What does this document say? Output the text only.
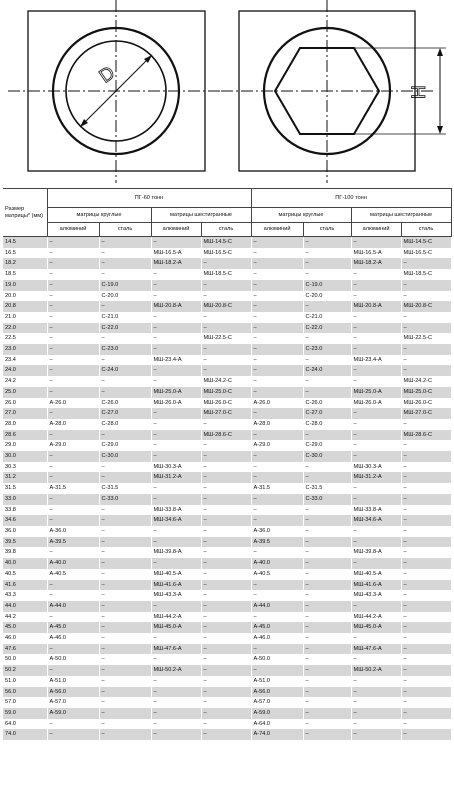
D
H
Размер матрицы* (мм)	ПГ-60 тонн				ПГ-100 тонн			
	матрицы круглые		матрицы шестигранные		матрицы круглые		матрицы шестигранные	
	алюминий	сталь	алюминий	сталь	алюминий	сталь	алюминий	сталь
14.5	–	–	–	МШ-14.5-С	–	–	–	МШ-14.5-С
16.5	–	–	МШ-16.5-А	МШ-16.5-С	–	–	МШ-16.5-А	МШ-16.5-С
18.2	–	–	МШ-18.2-А	–	–	–	МШ-18.2-А	–
18.5	–	–	–	МШ-18.5-С	–	–	–	МШ-18.5-С
19.0	–	С-19.0	–	–	–	С-19.0	–	–
20.0	–	С-20.0	–	–	–	С-20.0	–	–
20.8	–	–	МШ-20.8-А	МШ-20.8-С	–	–	МШ-20.8-А	МШ-20.8-С
21.0	–	С-21.0	–	–	–	С-21.0	–	–
22.0	–	С-22.0	–	–	–	С-22.0	–	–
22.5	–	–	–	МШ-22.5-С	–	–	–	МШ-22.5-С
23.0	–	С-23.0	–	–	–	С-23.0	–	–
23.4	–	–	МШ-23.4-А	–	–	–	МШ-23.4-А	–
24.0	–	С-24.0	–	–	–	С-24.0	–	–
24.2	–	–	–	МШ-24.2-С	–	–	–	МШ-24.2-С
25.0	–	–	МШ-25.0-А	МШ-25.0-С	–	–	МШ-25.0-А	МШ-25.0-С
26.0	А-26.0	С-26.0	МШ-26.0-А	МШ-26.0-С	А-26.0	С-26.0	МШ-26.0-А	МШ-26.0-С
27.0	–	С-27.0	–	МШ-27.0-С	–	С-27.0	–	МШ-27.0-С
28.0	А-28.0	С-28.0	–	–	А-28.0	С-28.0	–	–
28.6	–	–	–	МШ-28.6-С	–	–	–	МШ-28.6-С
29.0	А-29.0	С-29.0	–	–	А-29.0	С-29.0	–	–
30.0	–	С-30.0	–	–	–	С-30.0	–	–
30.3	–	–	МШ-30.3-А	–	–	–	МШ-30.3-А	–
31.2	–	–	МШ-31.2-А	–	–	–	МШ-31.2-А	–
31.5	А-31.5	С-31.5	–	–	А-31.5	С-31.5	–	–
33.0	–	С-33.0	–	–	–	С-33.0	–	–
33.8	–	–	МШ-33.8-А	–	–	–	МШ-33.8-А	–
34.6	–	–	МШ-34.6-А	–	–	–	МШ-34.6-А	–
36.0	А-36.0	–	–	–	А-36.0	–	–	–
39.5	А-39.5	–	–	–	А-39.5	–	–	–
39.8	–	–	МШ-39.8-А	–	–	–	МШ-39.8-А	–
40.0	А-40.0	–	–	–	А-40.0	–	–	–
40.5	А-40.5	–	МШ-40.5-А	–	А-40.5	–	МШ-40.5-А	–
41.6	–	–	МШ-41.6-А	–	–	–	МШ-41.6-А	–
43.3	–	–	МШ-43.3-А	–	–	–	МШ-43.3-А	–
44.0	А-44.0	–	–	–	А-44.0	–	–	–
44.2	–	–	МШ-44.2-А	–	–	–	МШ-44.2-А	–
45.0	А-45.0	–	МШ-45.0-А	–	А-45.0	–	МШ-45.0-А	–
46.0	А-46.0	–	–	–	А-46.0	–	–	–
47.6	–	–	МШ-47.6-А	–	–	–	МШ-47.6-А	–
50.0	А-50.0	–	–	–	А-50.0	–	–	–
50.2	–	–	МШ-50.2-А	–	–	–	МШ-50.2-А	–
51.0	А-51.0	–	–	–	А-51.0	–	–	–
56.0	А-56.0	–	–	–	А-56.0	–	–	–
57.0	А-57.0	–	–	–	А-57.0	–	–	–
59.0	А-59.0	–	–	–	А-59.0	–	–	–
64.0	–	–	–	–	А-64.0	–	–	–
74.0	–	–	–	–	А-74.0	–	–	–
